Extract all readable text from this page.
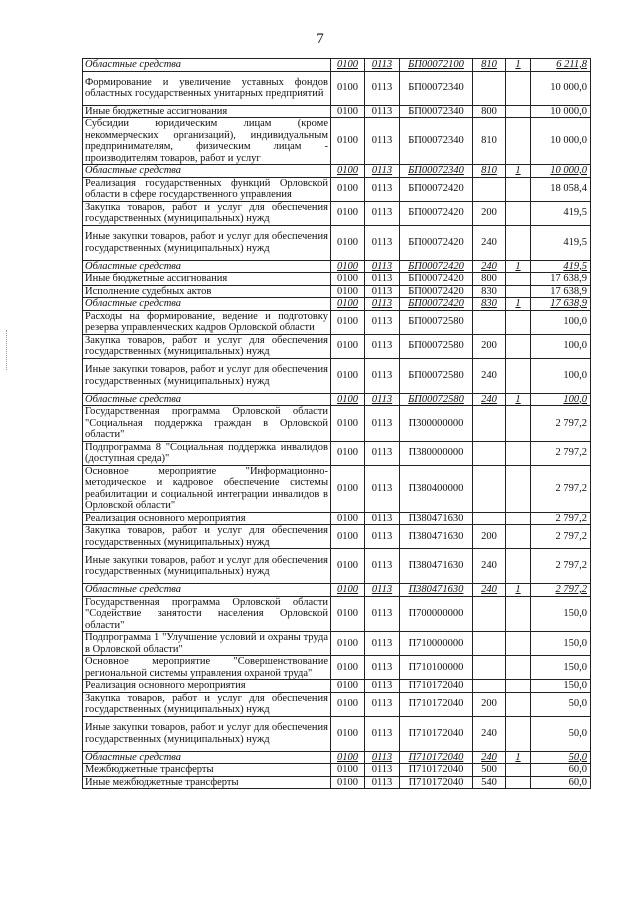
7
Областные средства	0100	0113	БП00072100	810	1	6 211,8
Формирование и увеличение уставных фондов областных государственных унитарных предприятий	0100	0113	БП00072340			10 000,0
Иные бюджетные ассигнования	0100	0113	БП00072340	800		10 000,0
Субсидии юридическим лицам (кроме некоммерческих организаций), индивидуальным предпринимателям, физическим лицам - производителям товаров, работ и услуг	0100	0113	БП00072340	810		10 000,0
Областные средства	0100	0113	БП00072340	810	1	10 000,0
Реализация государственных функций Орловской области в сфере государственного управления	0100	0113	БП00072420			18 058,4
Закупка товаров, работ и услуг для обеспечения государственных (муниципальных) нужд	0100	0113	БП00072420	200		419,5
Иные закупки товаров, работ и услуг для обеспечения государственных (муниципальных) нужд	0100	0113	БП00072420	240		419,5
Областные средства	0100	0113	БП00072420	240	1	419,5
Иные бюджетные ассигнования	0100	0113	БП00072420	800		17 638,9
Исполнение судебных актов	0100	0113	БП00072420	830		17 638,9
Областные средства	0100	0113	БП00072420	830	1	17 638,9
Расходы на формирование, ведение и подготовку резерва управленческих кадров Орловской области	0100	0113	БП00072580			100,0
Закупка товаров, работ и услуг для обеспечения государственных (муниципальных) нужд	0100	0113	БП00072580	200		100,0
Иные закупки товаров, работ и услуг для обеспечения государственных (муниципальных) нужд	0100	0113	БП00072580	240		100,0
Областные средства	0100	0113	БП00072580	240	1	100,0
Государственная программа Орловской области "Социальная поддержка граждан в Орловской области"	0100	0113	П300000000			2 797,2
Подпрограмма 8 "Социальная поддержка инвалидов (доступная среда)"	0100	0113	П380000000			2 797,2
Основное мероприятие "Информационно-методическое и кадровое обеспечение системы реабилитации и социальной интеграции инвалидов в Орловской области"	0100	0113	П380400000			2 797,2
Реализация основного мероприятия	0100	0113	П380471630			2 797,2
Закупка товаров, работ и услуг для обеспечения государственных (муниципальных) нужд	0100	0113	П380471630	200		2 797,2
Иные закупки товаров, работ и услуг для обеспечения государственных (муниципальных) нужд	0100	0113	П380471630	240		2 797,2
Областные средства	0100	0113	П380471630	240	1	2 797,2
Государственная программа Орловской области "Содействие занятости населения Орловской области"	0100	0113	П700000000			150,0
Подпрограмма 1 "Улучшение условий и охраны труда в Орловской области"	0100	0113	П710000000			150,0
Основное мероприятие "Совершенствование региональной системы управления охраной труда"	0100	0113	П710100000			150,0
Реализация основного мероприятия	0100	0113	П710172040			150,0
Закупка товаров, работ и услуг для обеспечения государственных (муниципальных) нужд	0100	0113	П710172040	200		50,0
Иные закупки товаров, работ и услуг для обеспечения государственных (муниципальных) нужд	0100	0113	П710172040	240		50,0
Областные средства	0100	0113	П710172040	240	1	50,0
Межбюджетные трансферты	0100	0113	П710172040	500		60,0
Иные межбюджетные трансферты	0100	0113	П710172040	540		60,0
